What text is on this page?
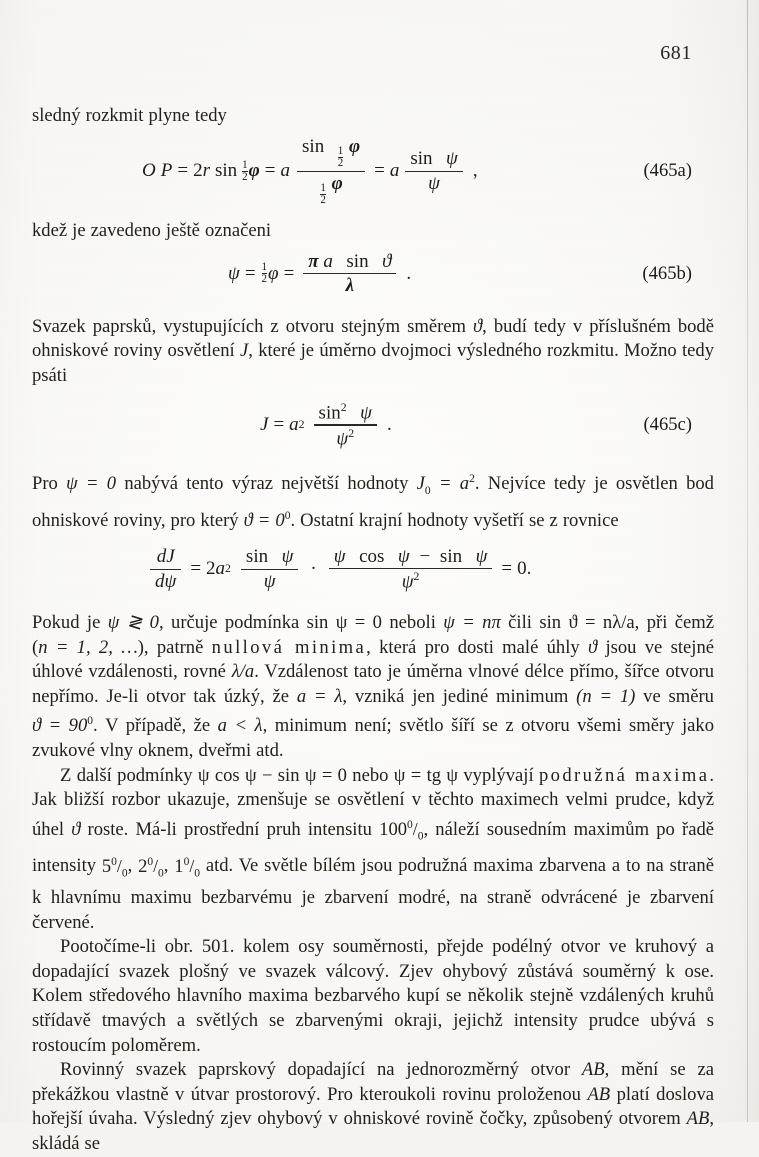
681

sledný rozkmit plyne tedy

O P = 2 r sin 1
2 φ = a
$\sin \frac{1}{2}$ φ
$\frac{1}{2}$ φ
= a $\frac{\text{sin ψ}}{\psi}$ ,	(465a)

kdež je zavedeno ještě označeni

ψ = 1
2 φ =
π a sin ϑ
λ
.	(465b)

Svazek paprsků, vystupujících z otvoru stejným směrem ϑ, budí tedy v příslušném bodě ohniskové roviny osvětlení J, které je úměrno dvojmoci výsledného rozkmitu. Možno tedy psáti

J = a $2 \frac{\sin^2 \psi}{\psi^2}$ .	(465c)

Pro ψ = 0 nabývá tento výraz největší hodnoty $J_0 = a^2$. Nejvíce tedy je osvětlen bod ohniskové roviny, pro který $ϑ = 0^0$. Ostatní krajní hodnoty vyšetří se z rovnice

$\frac{dJ}{d\psi} = 2$ a $2 \frac{\text{sin ψ}}{\psi}$ ·
ψ cos ψ − sin ψ
$\psi^2$	= 0.

Pokud je ψ ≷ 0, určuje podmínka sin ψ = 0 neboli ψ = nπ čili sin ϑ = nλ/a, při čemž (n = 1, 2, …), patrně nullová minima, která pro dosti malé úhly ϑ jsou ve stejné úhlové vzdálenosti, rovné λ/a. Vzdálenost tato je úměrna vlnové délce přímo, šířce otvoru nepřímo. Je-li otvor tak úzký, že a = λ, vzniká jen jediné minimum (n = 1) ve směru $ϑ = 90^0$. V případě, že a < λ, minimum není; světlo šíří se z otvoru všemi směry jako zvukové vlny oknem, dveřmi atd.

Z další podmínky ψ cos ψ − sin ψ = 0 nebo ψ = tg ψ vyplývají podružná maxima. Jak bližší rozbor ukazuje, zmenšuje se osvětlení v těchto maximech velmi prudce, když úhel ϑ roste. Má-li prostřední pruh intensitu $100^0/_0$, náleží sousedním maximům po řadě intensity $5^0/_0$, $2^0/_0$, $1^0/_0$ atd. Ve světle bílém jsou podružná maxima zbarvena a to na straně k hlavnímu maximu bezbarvému je zbarvení modré, na straně odvrácené je zbarvení červené.

Pootočíme-li obr. 501. kolem osy souměrnosti, přejde podélný otvor ve kruhový a dopadající svazek plošný ve svazek válcový. Zjev ohybový zůstává souměrný k ose. Kolem středového hlavního maxima bezbarvého kupí se několik stejně vzdálených kruhů střídavě tmavých a světlých se zbarvenými okraji, jejichž intensity prudce ubývá s rostoucím poloměrem.

Rovinný svazek paprskový dopadající na jednorozměrný otvor AB, mění se za překážkou vlastně v útvar prostorový. Pro kteroukoli rovinu proloženou AB platí doslova hořejší úvaha. Výsledný zjev ohybový v ohniskové rovině čočky, způsobený otvorem AB, skládá se
